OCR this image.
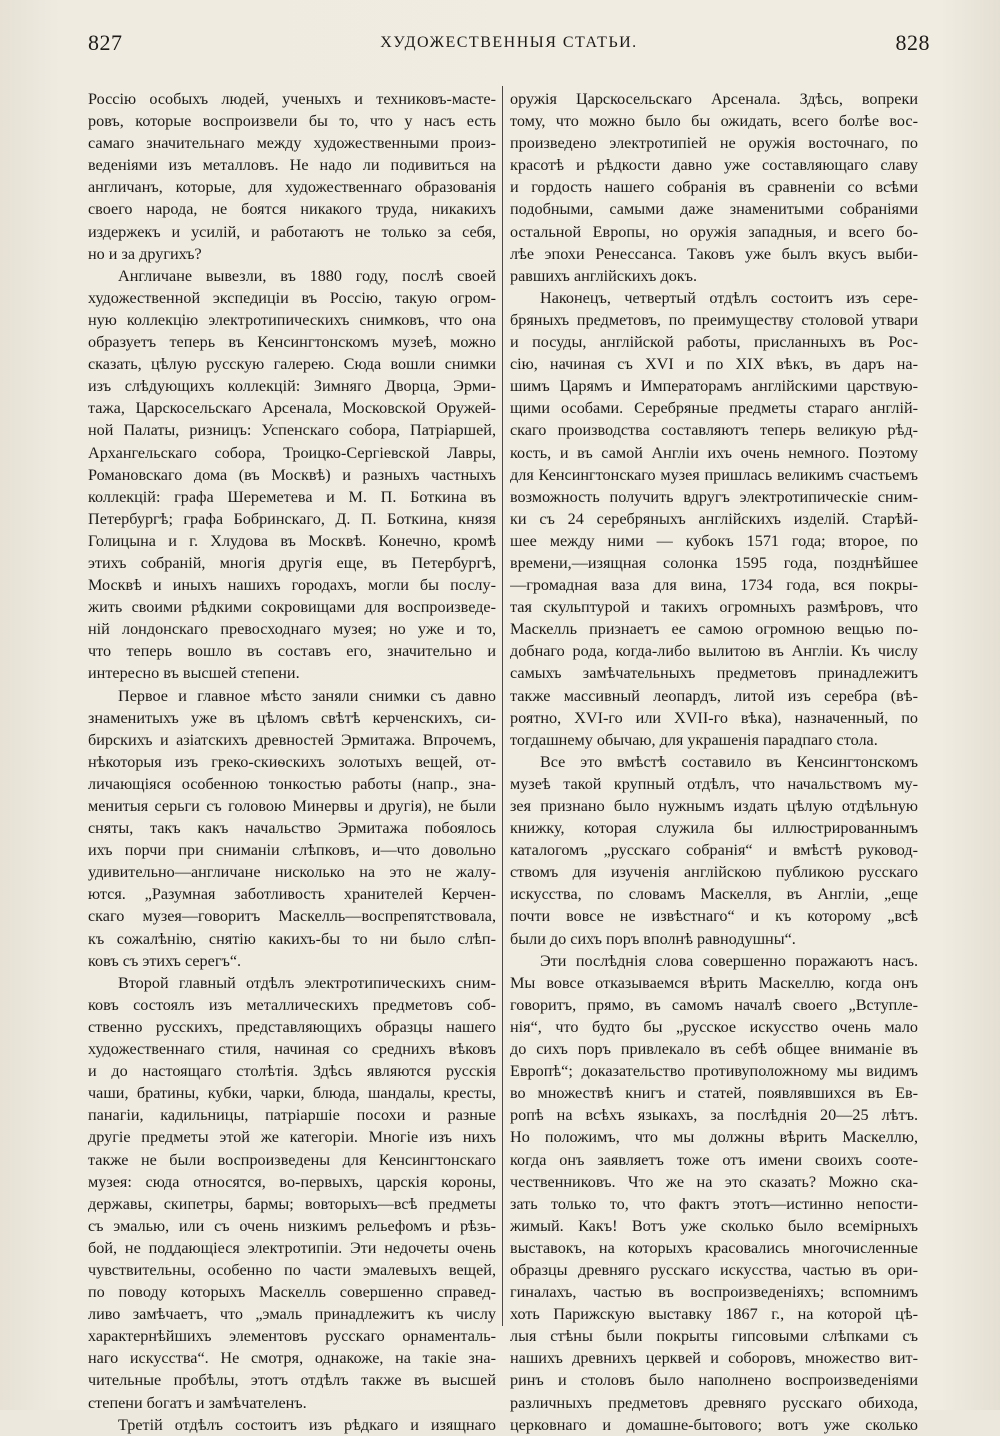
827	ХУДОЖЕСТВЕННЫЯ СТАТЬИ.	828
Россію особыхъ людей, ученыхъ и техниковъ-масте-
ровъ, которые воспроизвели бы то, что у насъ есть
самаго значительнаго между художественными произ-
веденіями изъ металловъ. Не надо ли подивиться на
англичанъ, которые, для художественнаго образованія
своего народа, не боятся никакого труда, никакихъ
издержекъ и усилій, и работаютъ не только за себя,
но и за другихъ?
Англичане вывезли, въ 1880 году, послѣ своей
художественной экспедиціи въ Россію, такую огром-
ную коллекцію электротипическихъ снимковъ, что она
образуетъ теперь въ Кенсингтонскомъ музеѣ, можно
сказать, цѣлую русскую галерею. Сюда вошли снимки
изъ слѣдующихъ коллекцій: Зимняго Дворца, Эрми-
тажа, Царскосельскаго Арсенала, Московской Оружей-
ной Палаты, ризницъ: Успенскаго собора, Патріаршей,
Архангельскаго собора, Троицко-Сергіевской Лавры,
Романовскаго дома (въ Москвѣ) и разныхъ частныхъ
коллекцій: графа Шереметева и М. П. Боткина въ
Петербургѣ; графа Бобринскаго, Д. П. Боткина, князя
Голицына и г. Хлудова въ Москвѣ. Конечно, кромѣ
этихъ собраній, многія другія еще, въ Петербургѣ,
Москвѣ и иныхъ нашихъ городахъ, могли бы послу-
жить своими рѣдкими сокровищами для воспроизведе-
ній лондонскаго превосходнаго музея; но уже и то,
что теперь вошло въ составъ его, значительно и
интересно въ высшей степени.
Первое и главное мѣсто заняли снимки съ давно
знаменитыхъ уже въ цѣломъ свѣтѣ керченскихъ, си-
бирскихъ и азіатскихъ древностей Эрмитажа. Впрочемъ,
нѣкоторыя изъ греко-скиѳскихъ золотыхъ вещей, от-
личающіяся особенною тонкостью работы (напр., зна-
менитыя серьги съ головою Минервы и другія), не были
сняты, такъ какъ начальство Эрмитажа побоялось
ихъ порчи при сниманіи слѣпковъ, и—что довольно
удивительно—англичане нисколько на это не жалу-
ются. „Разумная заботливость хранителей Керчен-
скаго музея—говоритъ Маскелль—воспрепятствовала,
къ сожалѣнію, снятію какихъ-бы то ни было слѣп-
ковъ съ этихъ серегъ“.
Второй главный отдѣлъ электротипическихъ сним-
ковъ состоялъ изъ металлическихъ предметовъ соб-
ственно русскихъ, представляющихъ образцы нашего
художественнаго стиля, начиная со среднихъ вѣковъ
и до настоящаго столѣтія. Здѣсь являются русскія
чаши, братины, кубки, чарки, блюда, шандалы, кресты,
панагіи, кадильницы, патріаршіе посохи и разные
другіе предметы этой же категоріи. Многіе изъ нихъ
также не были воспроизведены для Кенсингтонскаго
музея: сюда относятся, во-первыхъ, царскія короны,
державы, скипетры, бармы; вовторыхъ—всѣ предметы
съ эмалью, или съ очень низкимъ рельефомъ и рѣзь-
бой, не поддающіеся электротипіи. Эти недочеты очень
чувствительны, особенно по части эмалевыхъ вещей,
по поводу которыхъ Маскелль совершенно справед-
ливо замѣчаетъ, что „эмаль принадлежитъ къ числу
характернѣйшихъ элементовъ русскаго орнаменталь-
наго искусства“. Не смотря, однакоже, на такіе зна-
чительные пробѣлы, этотъ отдѣлъ также въ высшей
степени богатъ и замѣчателенъ.
Третій отдѣлъ состоитъ изъ рѣдкаго и изящнаго
оружія Царскосельскаго Арсенала. Здѣсь, вопреки
тому, что можно было бы ожидать, всего болѣе вос-
произведено электротипіей не оружія восточнаго, по
красотѣ и рѣдкости давно уже составляющаго славу
и гордость нашего собранія въ сравненіи со всѣми
подобными, самыми даже знаменитыми собраніями
остальной Европы, но оружія западныя, и всего бо-
лѣе эпохи Ренессанса. Таковъ уже былъ вкусъ выби-
равшихъ англійскихъ докъ.
Наконецъ, четвертый отдѣлъ состоитъ изъ сере-
бряныхъ предметовъ, по преимуществу столовой утвари
и посуды, англійской работы, присланныхъ въ Рос-
сію, начиная съ XVI и по XIX вѣкъ, въ даръ на-
шимъ Царямъ и Императорамъ англійскими царствую-
щими особами. Серебряные предметы стараго англій-
скаго производства составляютъ теперь великую рѣд-
кость, и въ самой Англіи ихъ очень немного. Поэтому
для Кенсингтонскаго музея пришлась великимъ счастьемъ
возможность получить вдругъ электротипическіе сним-
ки съ 24 серебряныхъ англійскихъ изделій. Старѣй-
шее между ними — кубокъ 1571 года; второе, по
времени,—изящная солонка 1595 года, позднѣйшее
—громадная ваза для вина, 1734 года, вся покры-
тая скульптурой и такихъ огромныхъ размѣровъ, что
Маскелль признаетъ ее самою огромною вещью по-
добнаго рода, когда-либо вылитою въ Англіи. Къ числу
самыхъ замѣчательныхъ предметовъ принадлежитъ
также массивный леопардъ, литой изъ серебра (вѣ-
роятно, XVI-го или XVII-го вѣка), назначенный, по
тогдашнему обычаю, для украшенія парадпаго стола.
Все это вмѣстѣ составило въ Кенсингтонскомъ
музеѣ такой крупный отдѣлъ, что начальствомъ му-
зея признано было нужнымъ издать цѣлую отдѣльную
книжку, которая служила бы иллюстрированнымъ
каталогомъ „русскаго собранія“ и вмѣстѣ руковод-
ствомъ для изученія англійскою публикою русскаго
искусства, по словамъ Маскелля, въ Англіи, „еще
почти вовсе не извѣстнаго“ и къ которому „всѣ
были до сихъ поръ вполнѣ равнодушны“.
Эти послѣднія слова совершенно поражаютъ насъ.
Мы вовсе отказываемся вѣрить Маскеллю, когда онъ
говоритъ, прямо, въ самомъ началѣ своего „Вступле-
нія“, что будто бы „русское искусство очень мало
до сихъ поръ привлекало въ себѣ общее вниманіе въ
Европѣ“; доказательство противуположному мы видимъ
во множествѣ книгъ и статей, появлявшихся въ Ев-
ропѣ на всѣхъ языкахъ, за послѣднія 20—25 лѣтъ.
Но положимъ, что мы должны вѣрить Маскеллю,
когда онъ заявляетъ тоже отъ имени своихъ соотe-
чественниковъ. Что же на это сказать? Можно ска-
зать только то, что фактъ этотъ—истинно непости-
жимый. Какъ! Вотъ уже сколько было всемірныхъ
выставокъ, на которыхъ красовались многочисленные
образцы древняго русскаго искусства, частью въ ори-
гиналахъ, частью въ воспроизведеніяхъ; вспомнимъ
хоть Парижскую выставку 1867 г., на которой цѣ-
лыя стѣны были покрыты гипсовыми слѣпками съ
нашихъ древнихъ церквей и соборовъ, множество вит-
ринъ и столовъ было наполнено воспроизведеніями
различныхъ предметовъ древняго русскаго обихода,
церковнаго и домашне-бытового; вотъ уже сколько
